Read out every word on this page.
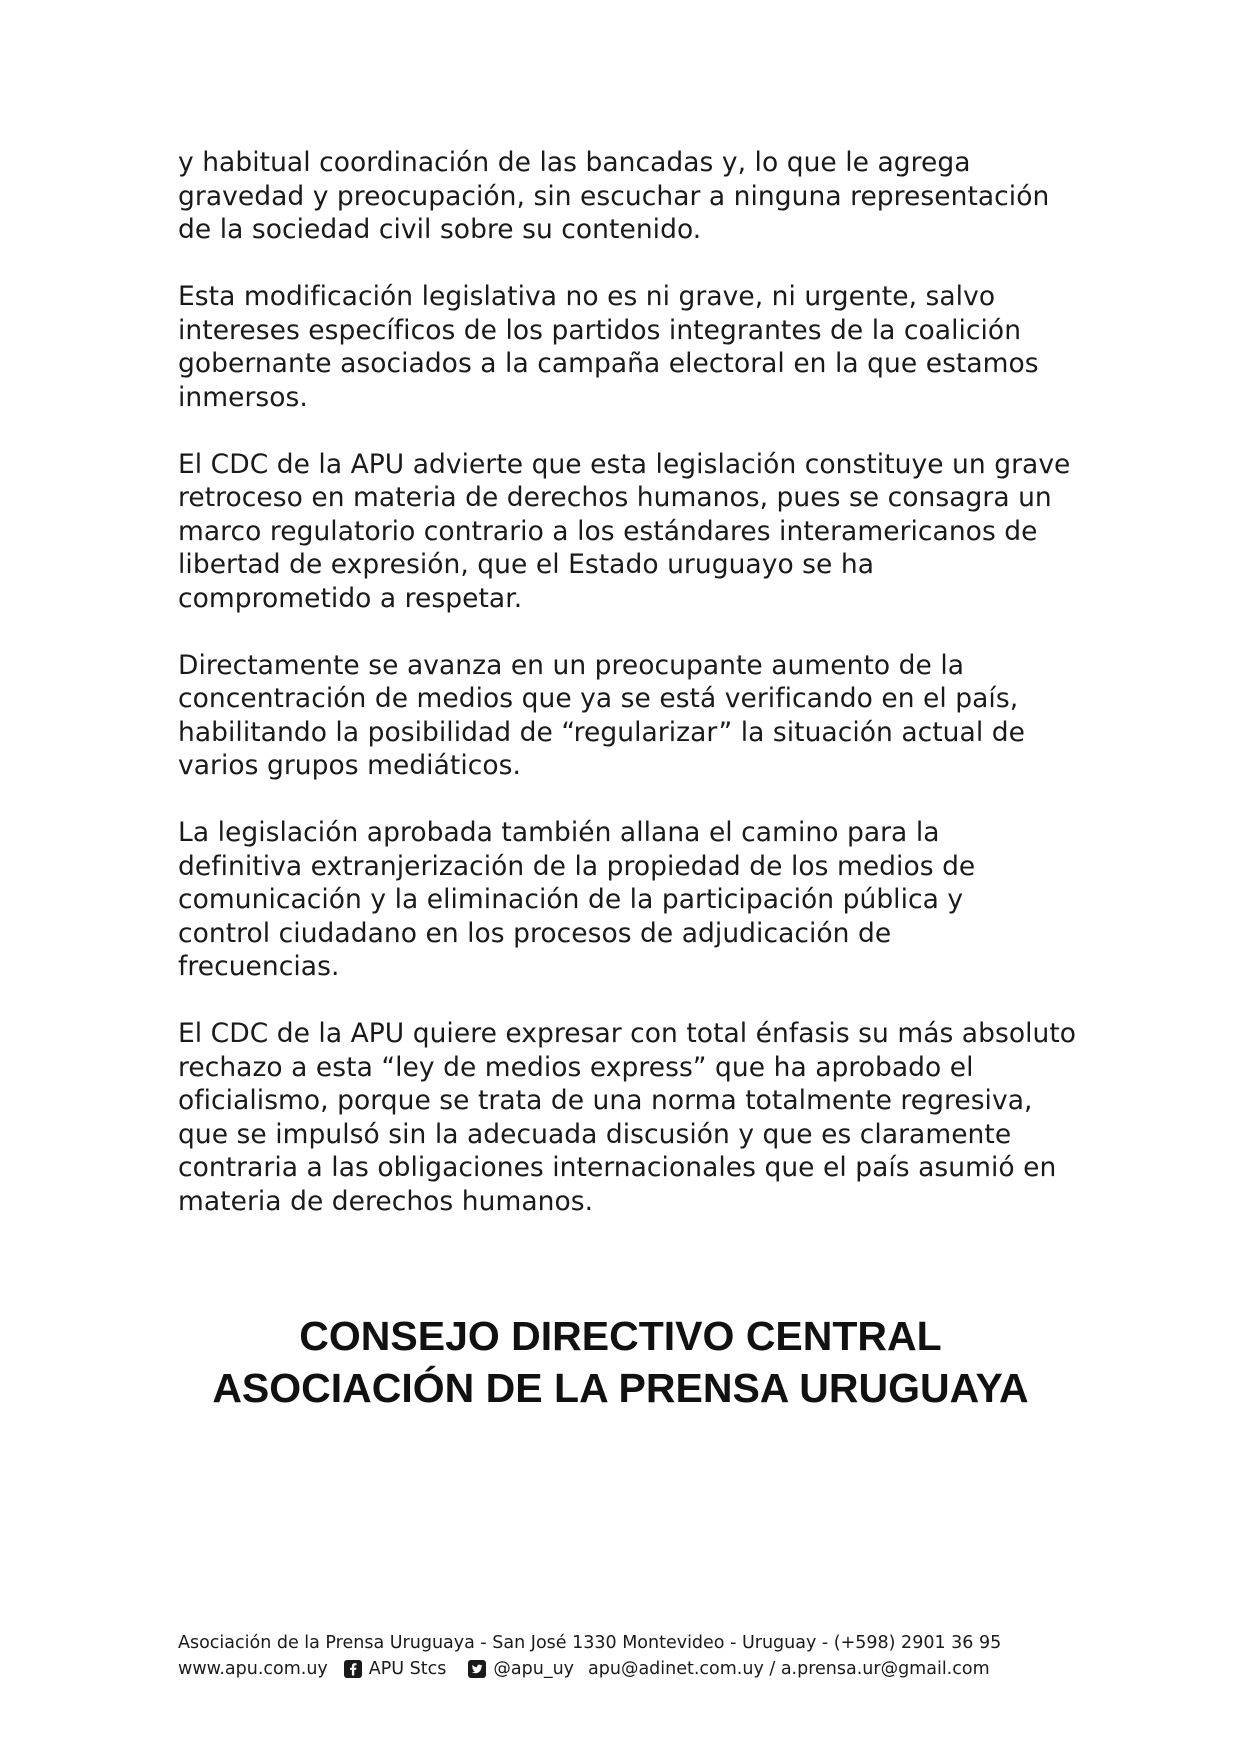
y habitual coordinación de las bancadas y, lo que le agrega
gravedad y preocupación, sin escuchar a ninguna representación
de la sociedad civil sobre su contenido.

Esta modificación legislativa no es ni grave, ni urgente, salvo
intereses específicos de los partidos integrantes de la coalición
gobernante asociados a la campaña electoral en la que estamos
inmersos.

El CDC de la APU advierte que esta legislación constituye un grave
retroceso en materia de derechos humanos, pues se consagra un
marco regulatorio contrario a los estándares interamericanos de
libertad de expresión, que el Estado uruguayo se ha
comprometido a respetar.

Directamente se avanza en un preocupante aumento de la
concentración de medios que ya se está verificando en el país,
habilitando la posibilidad de “regularizar” la situación actual de
varios grupos mediáticos.

La legislación aprobada también allana el camino para la
definitiva extranjerización de la propiedad de los medios de
comunicación y la eliminación de la participación pública y
control ciudadano en los procesos de adjudicación de
frecuencias.

El CDC de la APU quiere expresar con total énfasis su más absoluto
rechazo a esta “ley de medios express” que ha aprobado el
oficialismo, porque se trata de una norma totalmente regresiva,
que se impulsó sin la adecuada discusión y que es claramente
contraria a las obligaciones internacionales que el país asumió en
materia de derechos humanos.

CONSEJO DIRECTIVO CENTRAL
ASOCIACIÓN DE LA PRENSA URUGUAYA
Asociación de la Prensa Uruguaya - San José 1330 Montevideo - Uruguay - (+598) 2901 36 95
www.apu.com.uy APU Stcs	@apu_uy apu@adinet.com.uy / a.prensa.ur@gmail.com
